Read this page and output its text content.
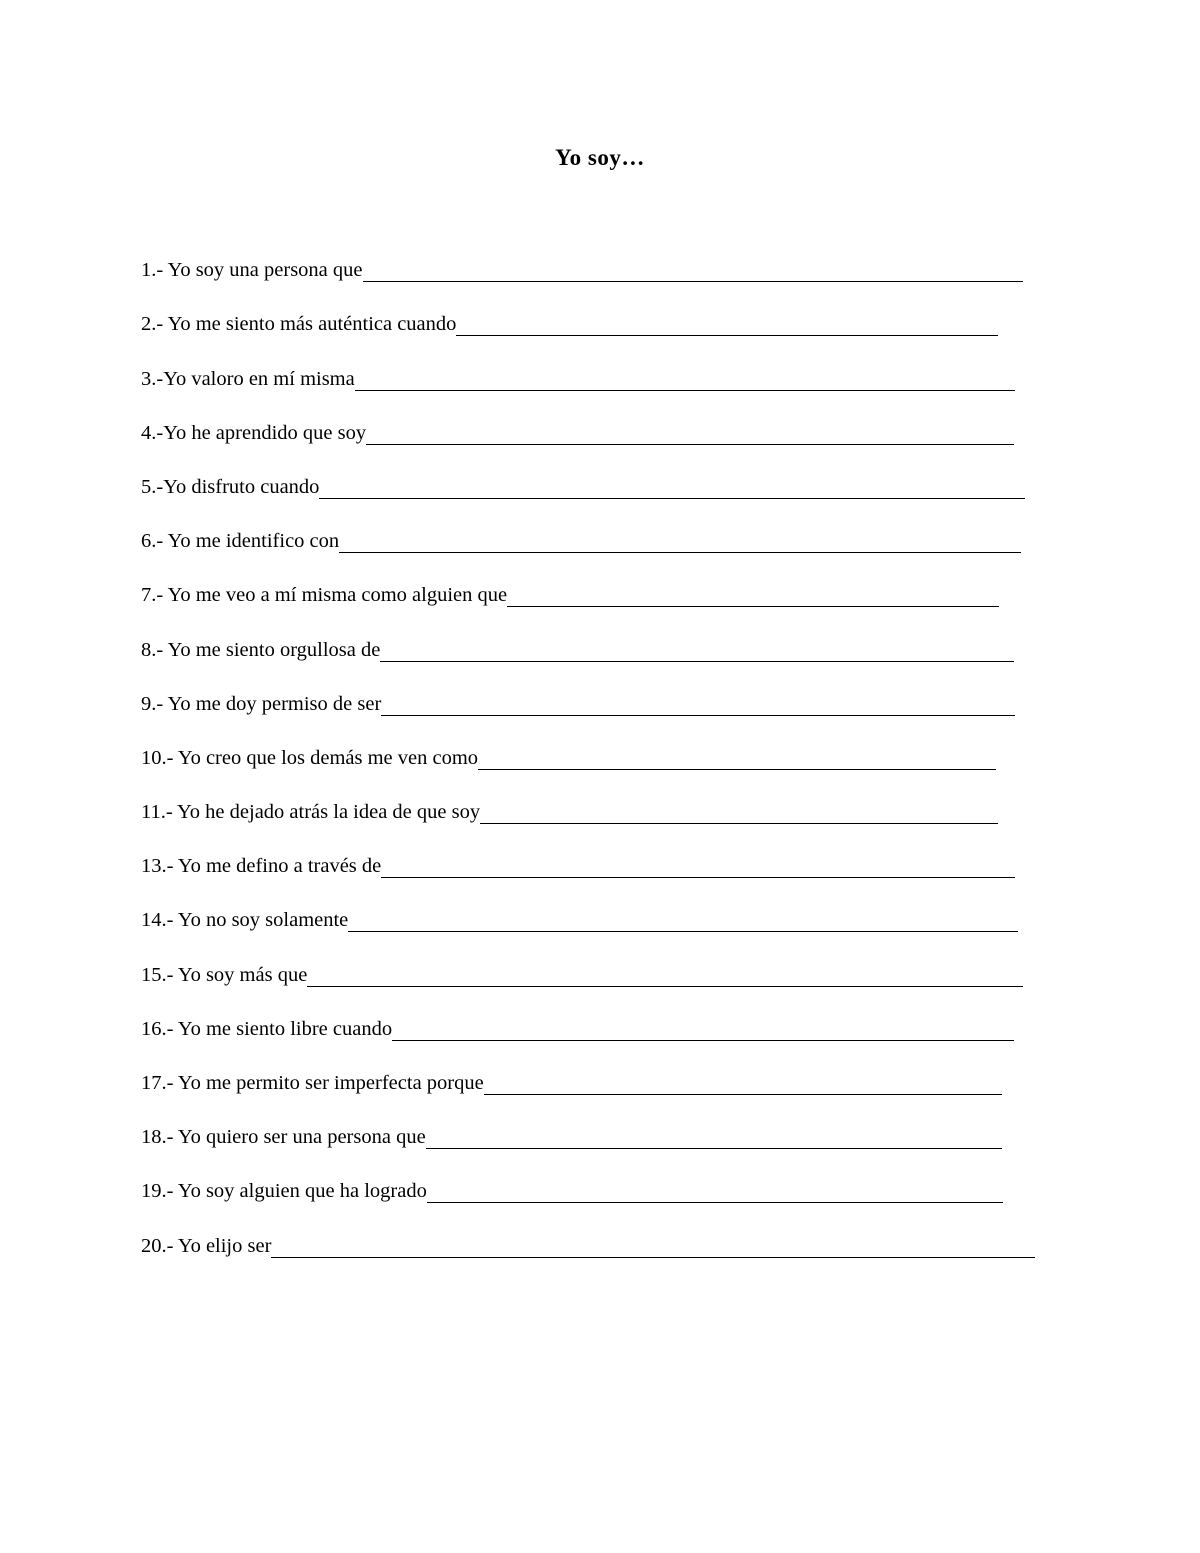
Yo soy…
1.- Yo soy una persona que
2.- Yo me siento más auténtica cuando
3.-Yo valoro en mí misma
4.-Yo he aprendido que soy
5.-Yo disfruto cuando
6.- Yo me identifico con
7.- Yo me veo a mí misma como alguien que
8.- Yo me siento orgullosa de
9.- Yo me doy permiso de ser
10.- Yo creo que los demás me ven como
11.- Yo he dejado atrás la idea de que soy
13.- Yo me defino a través de
14.- Yo no soy solamente
15.- Yo soy más que
16.- Yo me siento libre cuando
17.- Yo me permito ser imperfecta porque
18.- Yo quiero ser una persona que
19.- Yo soy alguien que ha logrado
20.- Yo elijo ser
